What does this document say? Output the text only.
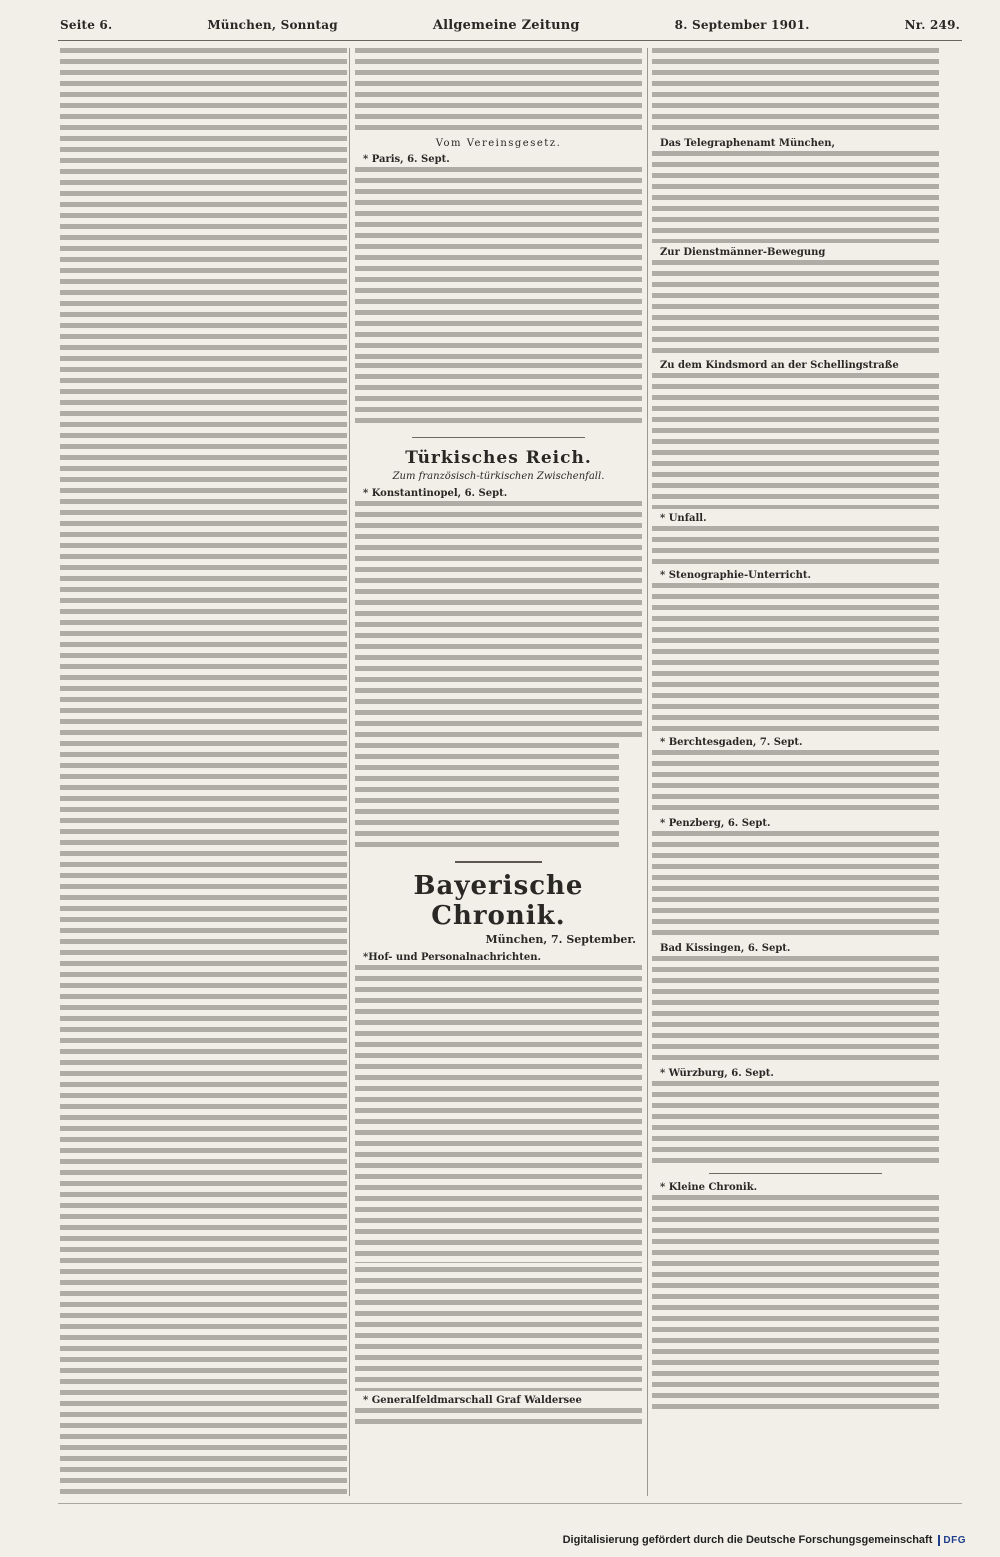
Seite 6.	München, Sonntag	Allgemeine Zeitung	8. September 1901.	Nr. 249.
Vom Vereinsgesetz.
* Paris, 6. Sept.
Türkisches Reich.
Zum französisch-türkischen Zwischenfall.
* Konstantinopel, 6. Sept.
Bayerische Chronik.
München, 7. September.
*Hof- und Personalnachrichten.
* Generalfeldmarschall Graf Waldersee
Das Telegraphenamt München,
Zur Dienstmänner-Bewegung
Zu dem Kindsmord an der Schellingstraße
* Unfall.
* Stenographie-Unterricht.
* Berchtesgaden, 7. Sept.
* Penzberg, 6. Sept.
Bad Kissingen, 6. Sept.
* Würzburg, 6. Sept.
* Kleine Chronik.
Digitalisierung gefördert durch die Deutsche Forschungsgemeinschaft	DFG
